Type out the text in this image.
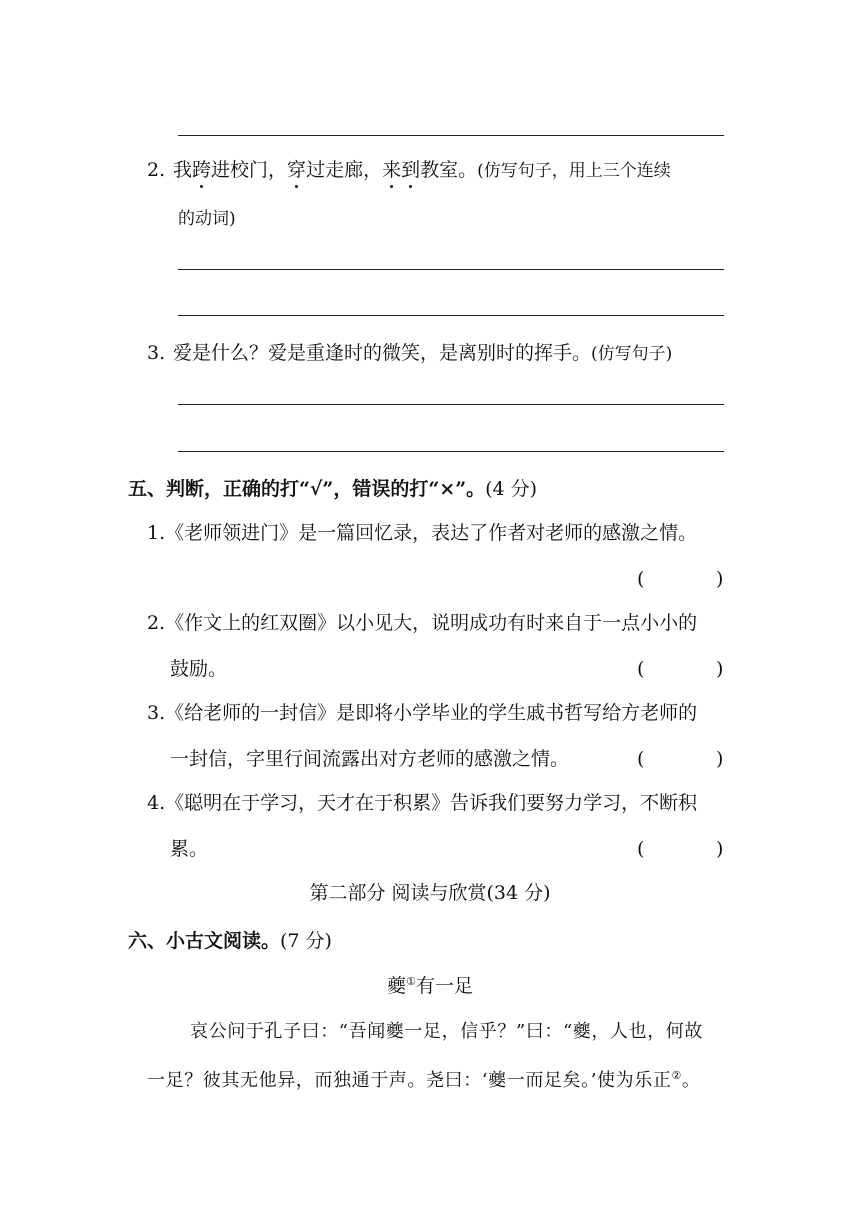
2. 我跨进校门，穿过走廊，来到教室。(仿写句子，用上三个连续
的动词)
3. 爱是什么？爱是重逢时的微笑，是离别时的挥手。(仿写句子)
五、判断，正确的打“√”，错误的打“×”。(4 分)
1.《老师领进门》是一篇回忆录，表达了作者对老师的感激之情。
(	)
2.《作文上的红双圈》以小见大，说明成功有时来自于一点小小的
鼓励。	(	)
3.《给老师的一封信》是即将小学毕业的学生戚书哲写给方老师的
一封信，字里行间流露出对方老师的感激之情。	(	)
4.《聪明在于学习，天才在于积累》告诉我们要努力学习，不断积
累。	(	)
第二部分 阅读与欣赏(34 分)
六、小古文阅读。(7 分)
夔①有一足
哀公问于孔子曰：“吾闻夔一足，信乎？”曰：“夔，人也，何故
一足？彼其无他异，而独通于声。尧曰：‘夔一而足矣。’使为乐正②。
